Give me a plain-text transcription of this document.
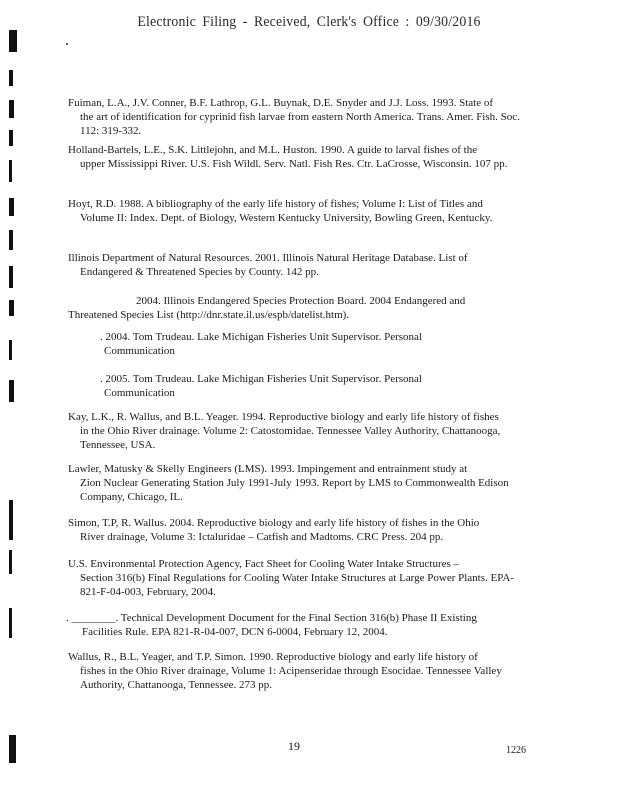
Electronic Filing - Received, Clerk's Office : 09/30/2016
Fuiman, L.A., J.V. Conner, B.F. Lathrop, G.L. Buynak, D.E. Snyder and J.J. Loss. 1993. State of
the art of identification for cyprinid fish larvae from eastern North America. Trans. Amer. Fish. Soc. 112: 319-332.
Holland-Bartels, L.E., S.K. Littlejohn, and M.L. Huston. 1990. A guide to larval fishes of the
upper Mississippi River. U.S. Fish Wildl. Serv. Natl. Fish Res. Ctr. LaCrosse, Wisconsin. 107 pp.
Hoyt, R.D. 1988. A bibliography of the early life history of fishes; Volume I: List of Titles and
Volume II: Index. Dept. of Biology, Western Kentucky University, Bowling Green, Kentucky.
Illinois Department of Natural Resources. 2001. Illinois Natural Heritage Database. List of
Endangered & Threatened Species by County. 142 pp.
2004. Illinois Endangered Species Protection Board. 2004 Endangered and
Threatened Species List (http://dnr.state.il.us/espb/datelist.htm).
. 2004. Tom Trudeau. Lake Michigan Fisheries Unit Supervisor. Personal
Communication
. 2005. Tom Trudeau. Lake Michigan Fisheries Unit Supervisor. Personal
Communication
Kay, L.K., R. Wallus, and B.L. Yeager. 1994. Reproductive biology and early life history of fishes
in the Ohio River drainage. Volume 2: Catostomidae. Tennessee Valley Authority, Chattanooga, Tennessee, USA.
Lawler, Matusky & Skelly Engineers (LMS). 1993. Impingement and entrainment study at
Zion Nuclear Generating Station July 1991-July 1993. Report by LMS to Commonwealth Edison Company, Chicago, IL.
Simon, T.P, R. Wallus. 2004. Reproductive biology and early life history of fishes in the Ohio
River drainage, Volume 3: Ictaluridae – Catfish and Madtoms. CRC Press. 204 pp.
U.S. Environmental Protection Agency, Fact Sheet for Cooling Water Intake Structures –
Section 316(b) Final Regulations for Cooling Water Intake Structures at Large Power Plants. EPA-821-F-04-003, February, 2004.
. ________. Technical Development Document for the Final Section 316(b) Phase II Existing
Facilities Rule. EPA 821-R-04-007, DCN 6-0004, February 12, 2004.
Wallus, R., B.L. Yeager, and T.P. Simon. 1990. Reproductive biology and early life history of
fishes in the Ohio River drainage, Volume 1: Acipenseridae through Esocidae. Tennessee Valley Authority, Chattanooga, Tennessee. 273 pp.
19	1226
